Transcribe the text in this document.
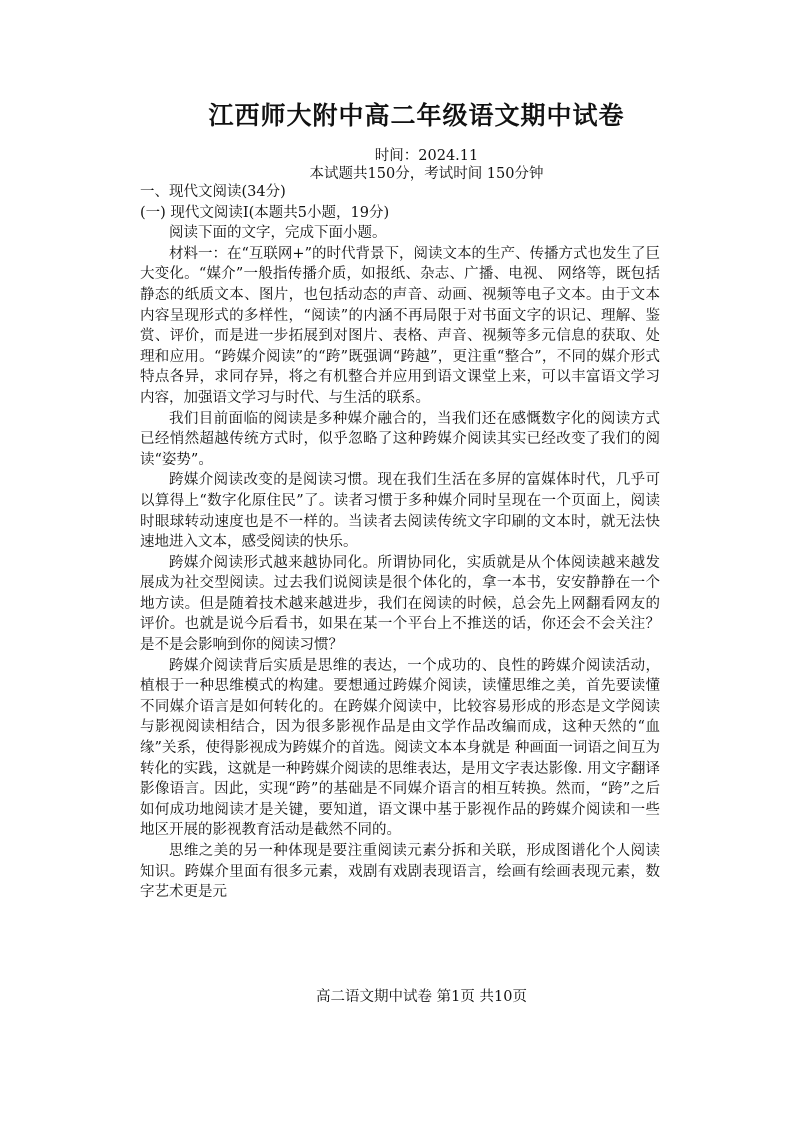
江西师大附中高二年级语文期中试卷
时间：2024.11
本试题共150分，考试时间 150分钟

一、现代文阅读(34分)

(一) 现代文阅读Ⅰ(本题共5小题，19分)

阅读下面的文字，完成下面小题。

材料一：在“互联网+”的时代背景下，阅读文本的生产、传播方式也发生了巨大变化。“媒介”一般指传播介质，如报纸、杂志、广播、电视、 网络等，既包括静态的纸质文本、图片，也包括动态的声音、动画、视频等电子文本。由于文本内容呈现形式的多样性，“阅读”的内涵不再局限于对书面文字的识记、理解、鉴赏、评价，而是进一步拓展到对图片、表格、声音、视频等多元信息的获取、处理和应用。“跨媒介阅读”的“跨”既强调“跨越”，更注重“整合”，不同的媒介形式特点各异，求同存异，将之有机整合并应用到语文课堂上来，可以丰富语文学习内容，加强语文学习与时代、与生活的联系。

我们目前面临的阅读是多种媒介融合的，当我们还在感慨数字化的阅读方式已经悄然超越传统方式时，似乎忽略了这种跨媒介阅读其实已经改变了我们的阅读“姿势”。

跨媒介阅读改变的是阅读习惯。现在我们生活在多屏的富媒体时代，几乎可以算得上“数字化原住民”了。读者习惯于多种媒介同时呈现在一个页面上，阅读时眼球转动速度也是不一样的。当读者去阅读传统文字印刷的文本时，就无法快速地进入文本，感受阅读的快乐。

跨媒介阅读形式越来越协同化。所谓协同化，实质就是从个体阅读越来越发展成为社交型阅读。过去我们说阅读是很个体化的，拿一本书，安安静静在一个地方读。但是随着技术越来越进步，我们在阅读的时候，总会先上网翻看网友的评价。也就是说今后看书，如果在某一个平台上不推送的话，你还会不会关注？是不是会影响到你的阅读习惯？

跨媒介阅读背后实质是思维的表达，一个成功的、良性的跨媒介阅读活动，植根于一种思维模式的构建。要想通过跨媒介阅读，读懂思维之美，首先要读懂不同媒介语言是如何转化的。在跨媒介阅读中，比较容易形成的形态是文学阅读与影视阅读相结合，因为很多影视作品是由文学作品改编而成，这种天然的“血缘”关系，使得影视成为跨媒介的首选。阅读文本本身就是 种画面一词语之间互为转化的实践，这就是一种跨媒介阅读的思维表达，是用文字表达影像. 用文字翻译影像语言。因此，实现“跨”的基础是不同媒介语言的相互转换。然而，“跨”之后如何成功地阅读才是关键，要知道，语文课中基于影视作品的跨媒介阅读和一些地区开展的影视教育活动是截然不同的。

思维之美的另一种体现是要注重阅读元素分拆和关联，形成图谱化个人阅读知识。跨媒介里面有很多元素，戏剧有戏剧表现语言，绘画有绘画表现元素，数字艺术更是元

高二语文期中试卷 第1页 共10页
